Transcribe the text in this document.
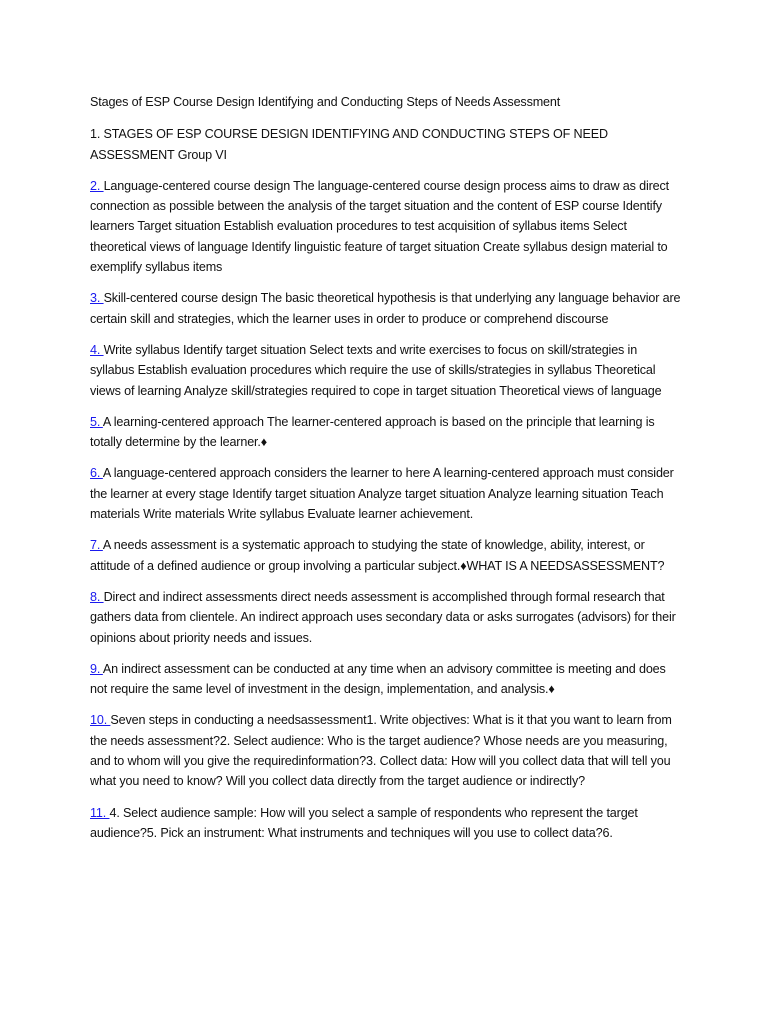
Stages of ESP Course Design Identifying and Conducting Steps of Needs Assessment

1. STAGES OF ESP COURSE DESIGN IDENTIFYING AND CONDUCTING STEPS OF NEED ASSESSMENT Group VI

2. Language-centered course design The language-centered course design process aims to draw as direct connection as possible between the analysis of the target situation and the content of ESP course Identify learners Target situation Establish evaluation procedures to test acquisition of syllabus items Select theoretical views of language Identify linguistic feature of target situation Create syllabus design material to exemplify syllabus items

3. Skill-centered course design The basic theoretical hypothesis is that underlying any language behavior are certain skill and strategies, which the learner uses in order to produce or comprehend discourse

4. Write syllabus Identify target situation Select texts and write exercises to focus on skill/strategies in syllabus Establish evaluation procedures which require the use of skills/strategies in syllabus Theoretical views of learning Analyze skill/strategies required to cope in target situation Theoretical views of language

5. A learning-centered approach The learner-centered approach is based on the principle that learning is totally determine by the learner.♦

6. A language-centered approach considers the learner to here A learning-centered approach must consider the learner at every stage Identify target situation Analyze target situation Analyze learning situation Teach materials Write materials Write syllabus Evaluate learner achievement.

7. A needs assessment is a systematic approach to studying the state of knowledge, ability, interest, or attitude of a defined audience or group involving a particular subject.♦WHAT IS A NEEDSASSESSMENT?

8. Direct and indirect assessments direct needs assessment is accomplished through formal research that gathers data from clientele. An indirect approach uses secondary data or asks surrogates (advisors) for their opinions about priority needs and issues.

9. An indirect assessment can be conducted at any time when an advisory committee is meeting and does not require the same level of investment in the design, implementation, and analysis.♦

10. Seven steps in conducting a needsassessment1. Write objectives: What is it that you want to learn from the needs assessment?2. Select audience: Who is the target audience? Whose needs are you measuring, and to whom will you give the requiredinformation?3. Collect data: How will you collect data that will tell you what you need to know? Will you collect data directly from the target audience or indirectly?

11. 4. Select audience sample: How will you select a sample of respondents who represent the target audience?5. Pick an instrument: What instruments and techniques will you use to collect data?6.
